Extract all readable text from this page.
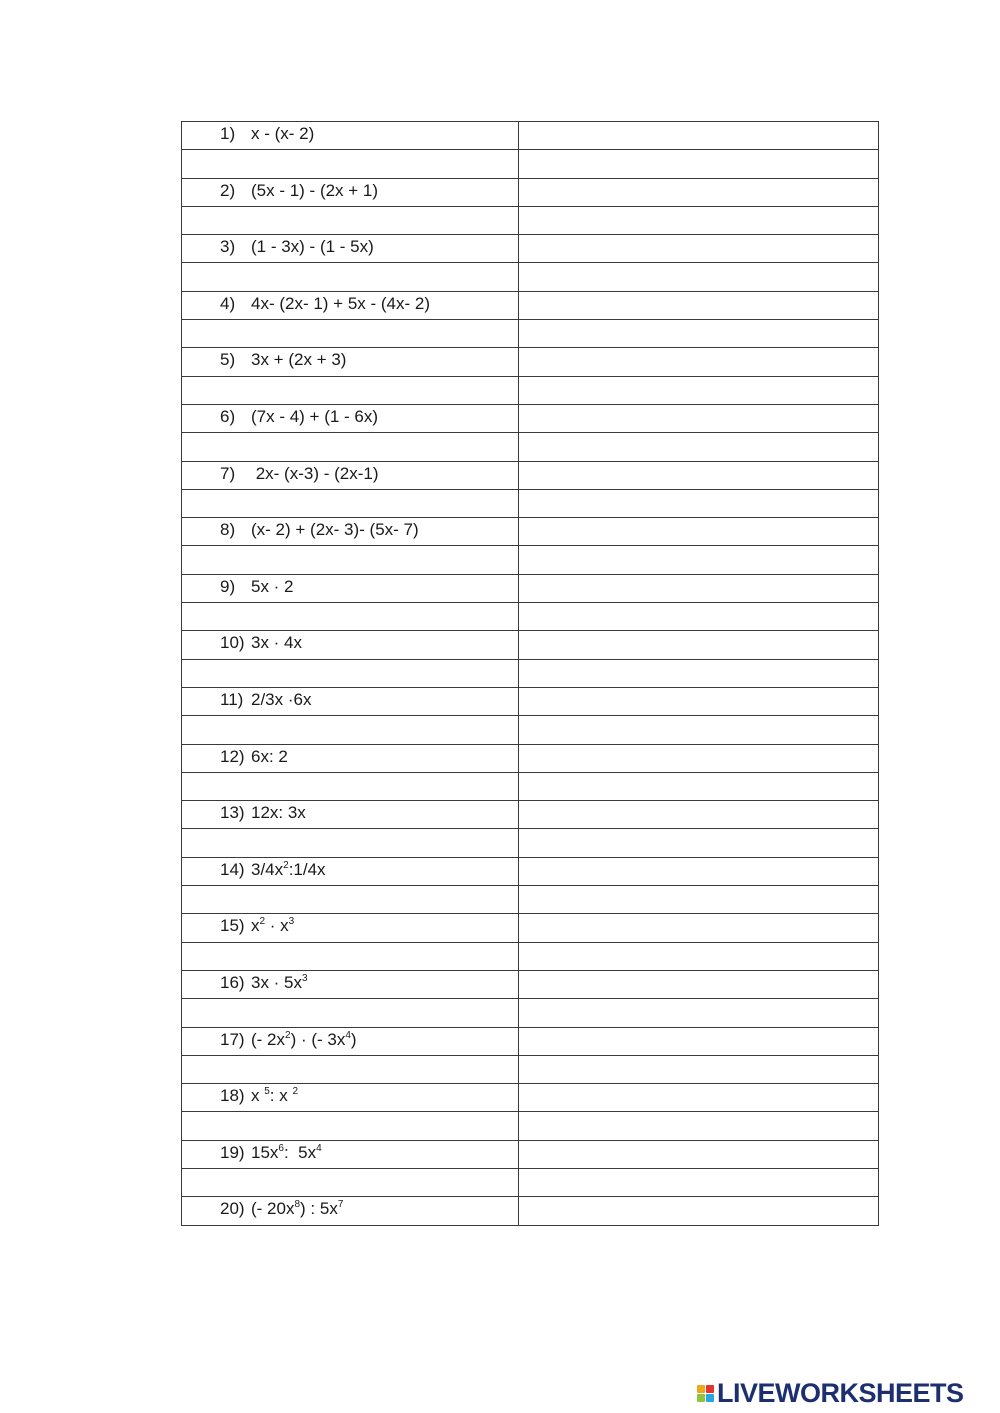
1) x - (x- 2)	

2) (5x - 1) - (2x + 1)	

3) (1 - 3x) - (1 - 5x)	

4) 4x- (2x- 1) + 5x - (4x- 2)	

5) 3x + (2x + 3)	

6) (7x - 4) + (1 - 6x)	

7) 2x- (x-3) - (2x-1)	

8) (x- 2) + (2x- 3)- (5x- 7)	

9) 5x · 2	

10) 3x · 4x	

11) 2/3x ·6x	

12) 6x: 2	

13) 12x: 3x	

14) $3/4x^2:1/4x$	

15) $x^2 \cdot x^3$

16) $3x \cdot 5x^3$

17) (- $2x^2$) · (- $3x^4$)	

18) x $^5$: x $^2$

19) $15x^6$:  $5x^4$

20) (- $20x^8$) : $5x^7$

LIVEWORKSHEETS
